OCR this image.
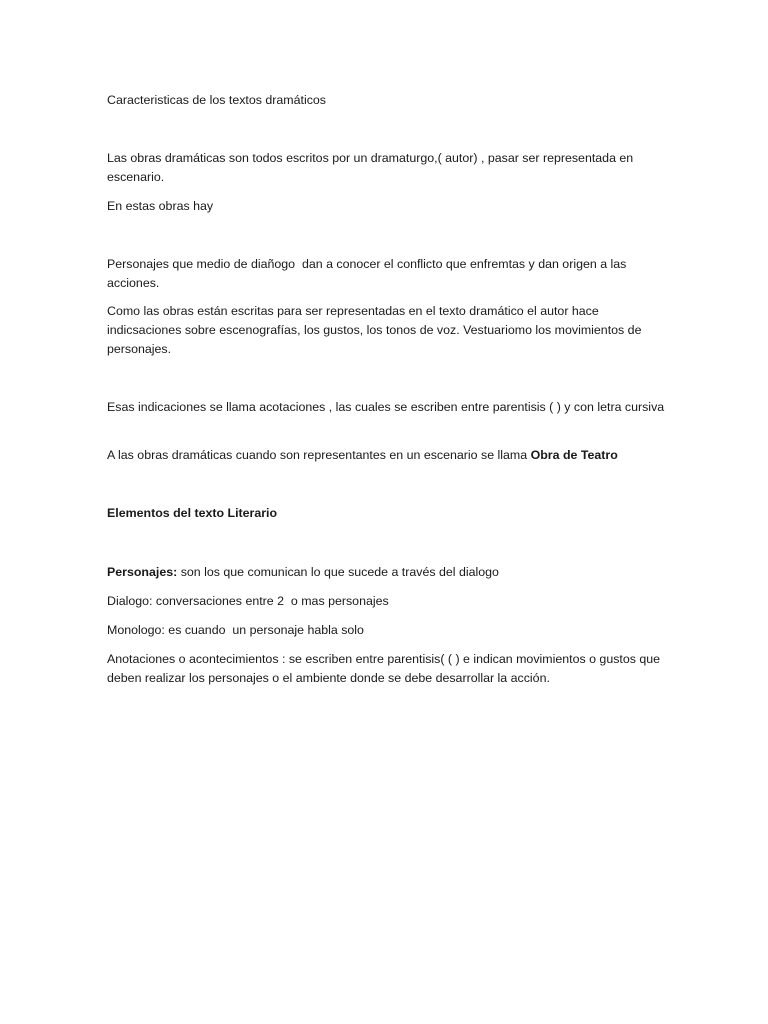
Caracteristicas de los textos dramáticos

Las obras dramáticas son todos escritos por un dramaturgo,( autor) , pasar ser representada en escenario.

En estas obras hay

Personajes que medio de diañogo  dan a conocer el conflicto que enfremtas y dan origen a las acciones.

Como las obras están escritas para ser representadas en el texto dramático el autor hace indicsaciones sobre escenografías, los gustos, los tonos de voz. Vestuariomo los movimientos de personajes.

Esas indicaciones se llama acotaciones , las cuales se escriben entre parentisis ( ) y con letra cursiva

A las obras dramáticas cuando son representantes en un escenario se llama Obra de Teatro

Elementos del texto Literario

Personajes: son los que comunican lo que sucede a través del dialogo

Dialogo: conversaciones entre 2  o mas personajes

Monologo: es cuando  un personaje habla solo

Anotaciones o acontecimientos : se escriben entre parentisis( ( ) e indican movimientos o gustos que deben realizar los personajes o el ambiente donde se debe desarrollar la acción.
